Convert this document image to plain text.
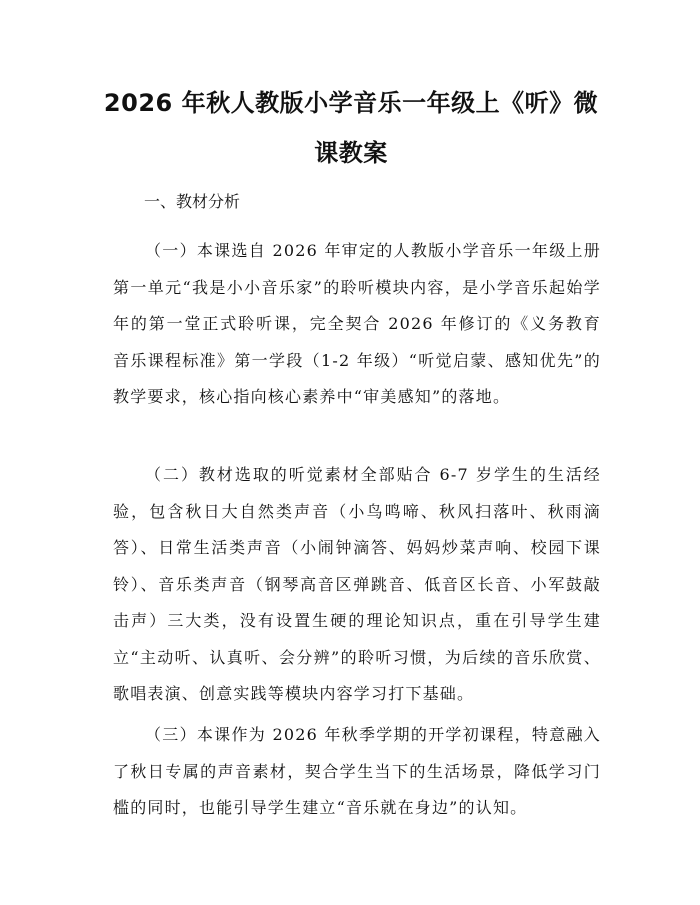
2026 年秋人教版小学音乐一年级上《听》微课教案

一、教材分析

（一）本课选自 2026 年审定的人教版小学音乐一年级上册第一单元“我是小小音乐家”的聆听模块内容，是小学音乐起始学年的第一堂正式聆听课，完全契合 2026 年修订的《义务教育音乐课程标准》第一学段（1-2 年级）“听觉启蒙、感知优先”的教学要求，核心指向核心素养中“审美感知”的落地。

（二）教材选取的听觉素材全部贴合 6-7 岁学生的生活经验，包含秋日大自然类声音（小鸟鸣啼、秋风扫落叶、秋雨滴答）、日常生活类声音（小闹钟滴答、妈妈炒菜声响、校园下课铃）、音乐类声音（钢琴高音区弹跳音、低音区长音、小军鼓敲击声）三大类，没有设置生硬的理论知识点，重在引导学生建立“主动听、认真听、会分辨”的聆听习惯，为后续的音乐欣赏、歌唱表演、创意实践等模块内容学习打下基础。

（三）本课作为 2026 年秋季学期的开学初课程，特意融入了秋日专属的声音素材，契合学生当下的生活场景，降低学习门槛的同时，也能引导学生建立“音乐就在身边”的认知。
